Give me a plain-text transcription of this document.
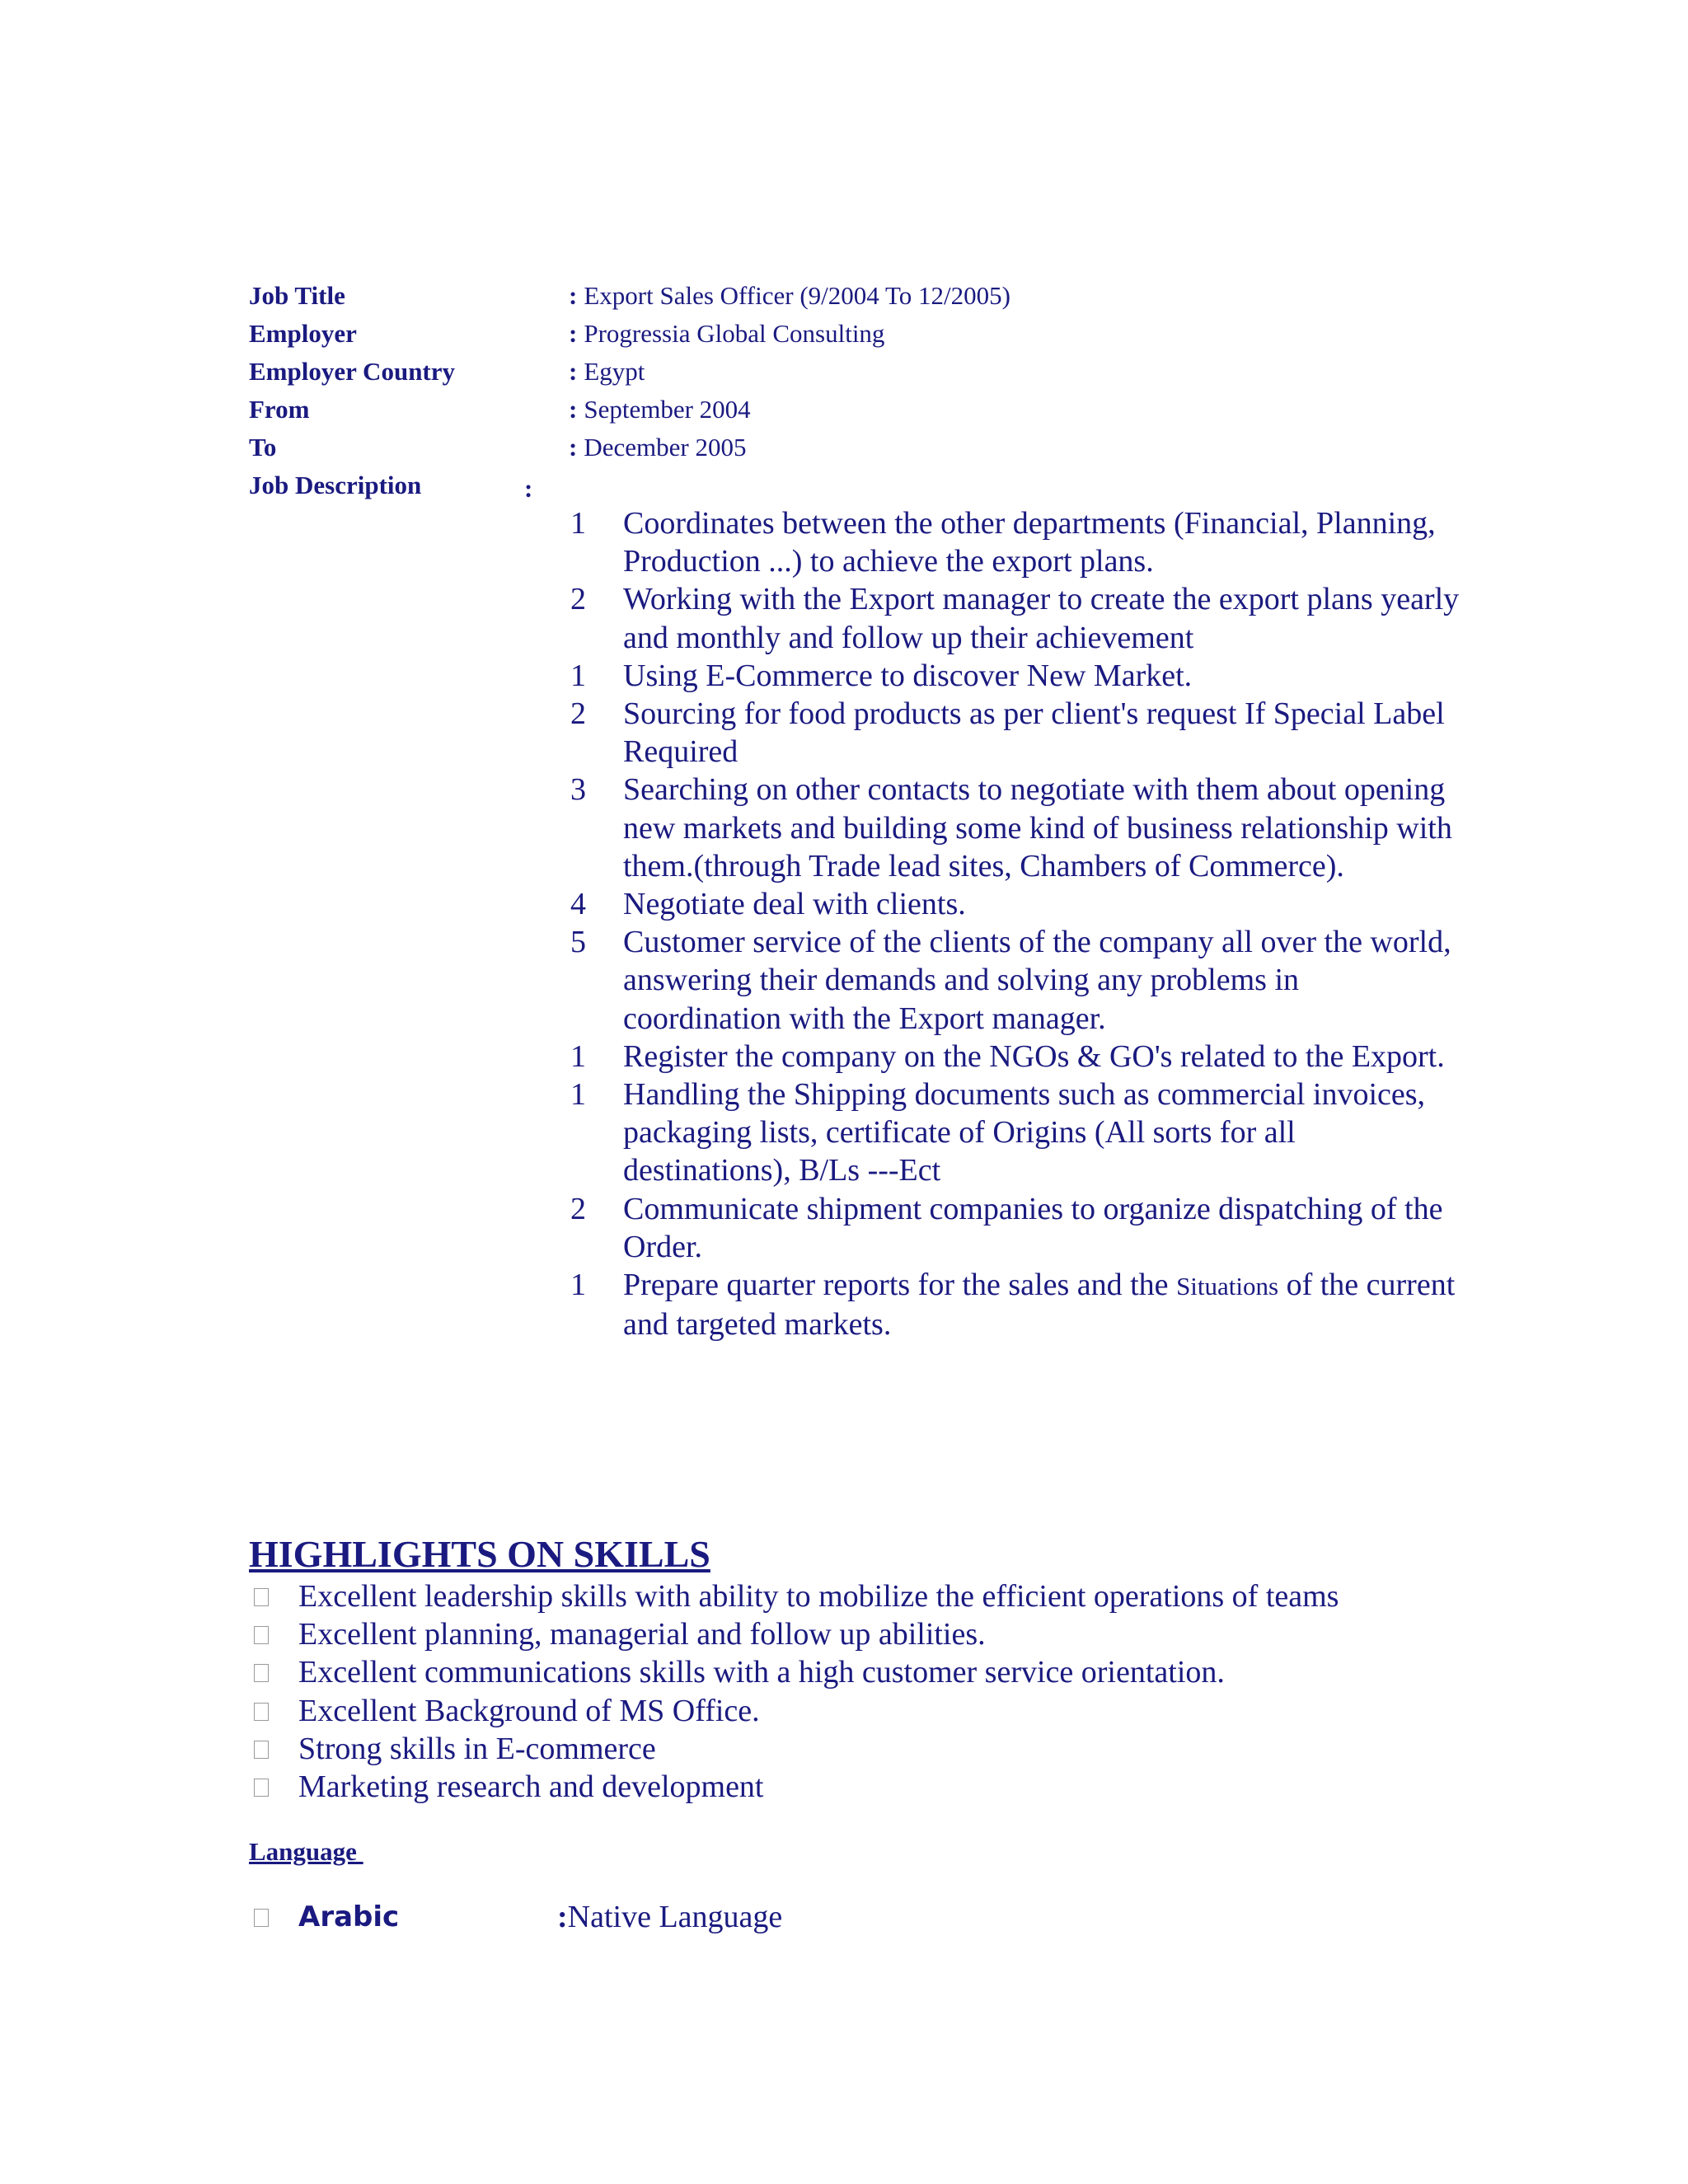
Job Title	: Export Sales Officer (9/2004 To 12/2005)
Employer	: Progressia Global Consulting
Employer Country	: Egypt
From	: September 2004
To	: December 2005
Job Description	:
1 Coordinates between the other departments (Financial, Planning, Production ...) to achieve the export plans.
2 Working with the Export manager to create the export plans yearly and monthly and follow up their achievement
1 Using E-Commerce to discover New Market.
2 Sourcing for food products as per client's request If Special Label Required
3 Searching on other contacts to negotiate with them about opening new markets and building some kind of business relationship with them.(through Trade lead sites, Chambers of Commerce).
4 Negotiate deal with clients.
5 Customer service of the clients of the company all over the world, answering their demands and solving any problems in coordination with the Export manager.
1 Register the company on the NGOs & GO's related to the Export.
1 Handling the Shipping documents such as commercial invoices, packaging lists, certificate of Origins (All sorts for all destinations), B/Ls ---Ect
2 Communicate shipment companies to organize dispatching of the Order.
1 Prepare quarter reports for the sales and the Situations of the current and targeted markets.
HIGHLIGHTS ON SKILLS
Excellent leadership skills with ability to mobilize the efficient operations of teams
Excellent planning, managerial and follow up abilities.
Excellent communications skills with a high customer service orientation.
Excellent Background of MS Office.
Strong skills in E-commerce
Marketing research and development
Language
Arabic	:Native Language
